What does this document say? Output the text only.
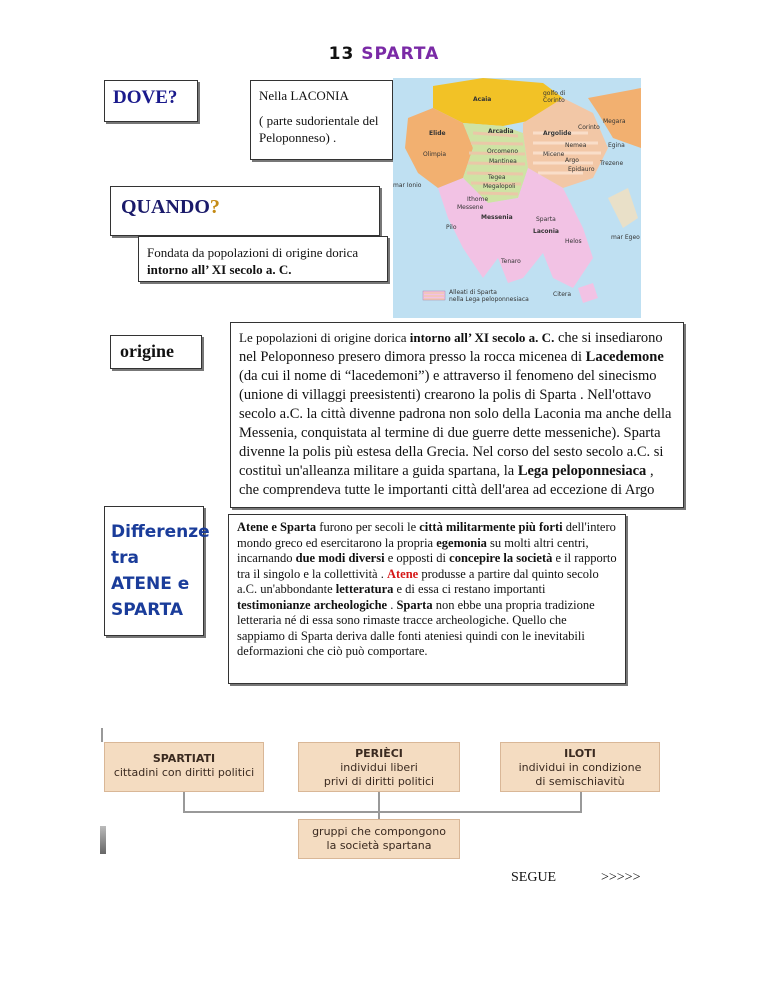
13 SPARTA
DOVE?	Nella LACONIA
( parte sudorientale del Peloponneso) .
Acaia
golfo di Corinto
Megara
Elide	Arcadia	Argolide
Corinto
Olimpia	Orcomeno
Nemea	Egina
Mantinea
Micene
Argo	Trezene
Epidauro
mar Ionio
Tegea
Megalopoli
Ithome
Messene
Messenia	Sparta
Pilo
Laconia
mar Egeo
Helos
Tenaro
Citera
Alleati di Sparta
nella Lega peloponnesiaca
QUANDO?
Fondata da popolazioni di origine dorica
intorno all’ XI secolo a. C.
origine

Le popolazioni di origine dorica intorno all’ XI secolo a. C. che si insediarono nel Peloponneso presero dimora presso la rocca micenea di Lacedemone (da cui il nome di “lacedemoni”) e attraverso il fenomeno del sinecismo (unione di villaggi preesistenti) crearono la polis di Sparta . Nell'ottavo secolo a.C. la città divenne padrona non solo della Laconia ma anche della Messenia, conquistata al termine di due guerre dette messeniche). Sparta divenne la polis più estesa della Grecia. Nel corso del sesto secolo a.C. si costituì un'alleanza militare a guida spartana, la Lega peloponnesiaca , che comprendeva tutte le importanti città dell'area ad eccezione di Argo

Differenze tra ATENE e SPARTA

Atene e Sparta furono per secoli le città militarmente più forti dell'intero mondo greco ed esercitarono la propria egemonia su molti altri centri, incarnando due modi diversi e opposti di concepire la società e il rapporto tra il singolo e la collettività . Atene produsse a partire dal quinto secolo a.C. un'abbondante letteratura e di essa ci restano importanti testimonianze archeologiche . Sparta non ebbe una propria tradizione letteraria né di essa sono rimaste tracce archeologiche. Quello che sappiamo di Sparta deriva dalle fonti ateniesi quindi con le inevitabili deformazioni che ciò può comportare.

SPARTIATI
cittadini con diritti politici
PERIÈCI
individui liberi
privi di diritti politici
ILOTI
individui in condizione
di semischiavitù
gruppi che compongono
la società spartana
SEGUE	>>>>>
